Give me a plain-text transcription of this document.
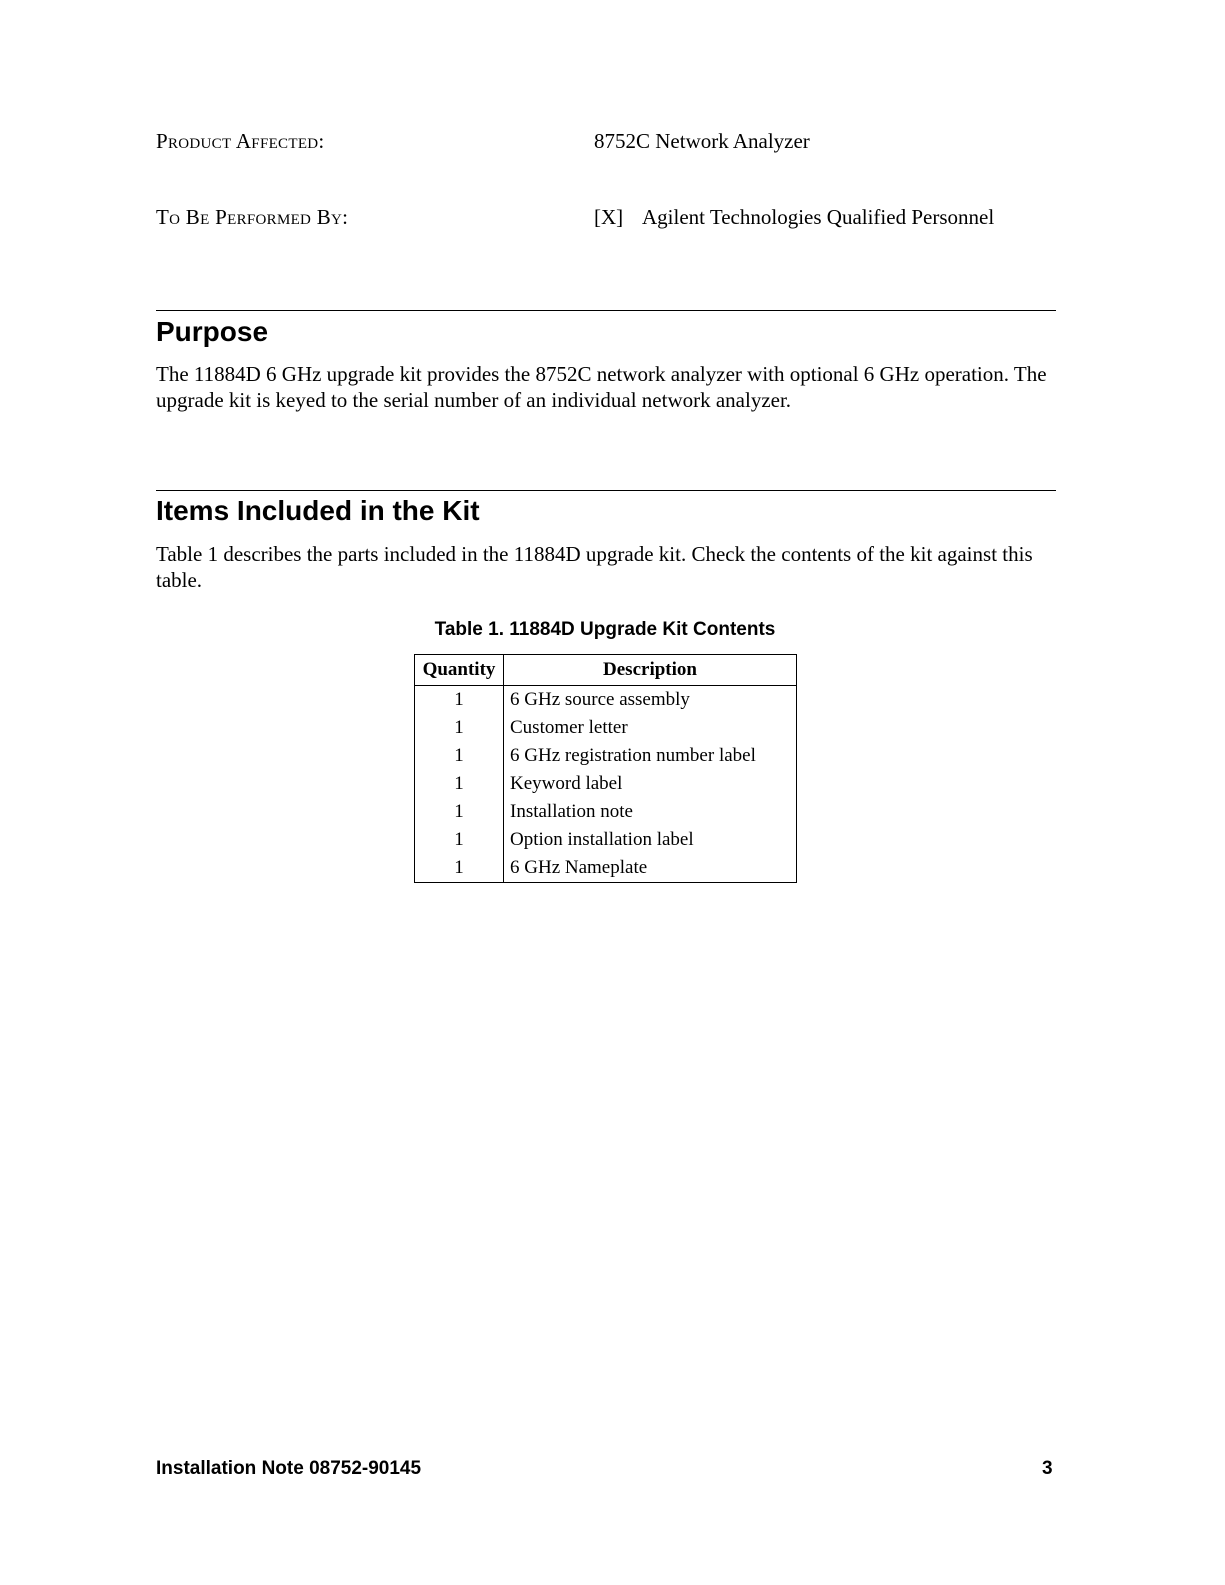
Product Affected:	8752C Network Analyzer
To Be Performed By:	[X] Agilent Technologies Qualified Personnel
Purpose
The 11884D 6 GHz upgrade kit provides the 8752C network analyzer with optional 6 GHz operation. The upgrade kit is keyed to the serial number of an individual network analyzer.
Items Included in the Kit
Table 1 describes the parts included in the 11884D upgrade kit. Check the contents of the kit against this table.
Table 1. 11884D Upgrade Kit Contents
Quantity	Description
1	6 GHz source assembly
1	Customer letter
1	6 GHz registration number label
1	Keyword label
1	Installation note
1	Option installation label
1	6 GHz Nameplate
Installation Note 08752-90145	3
